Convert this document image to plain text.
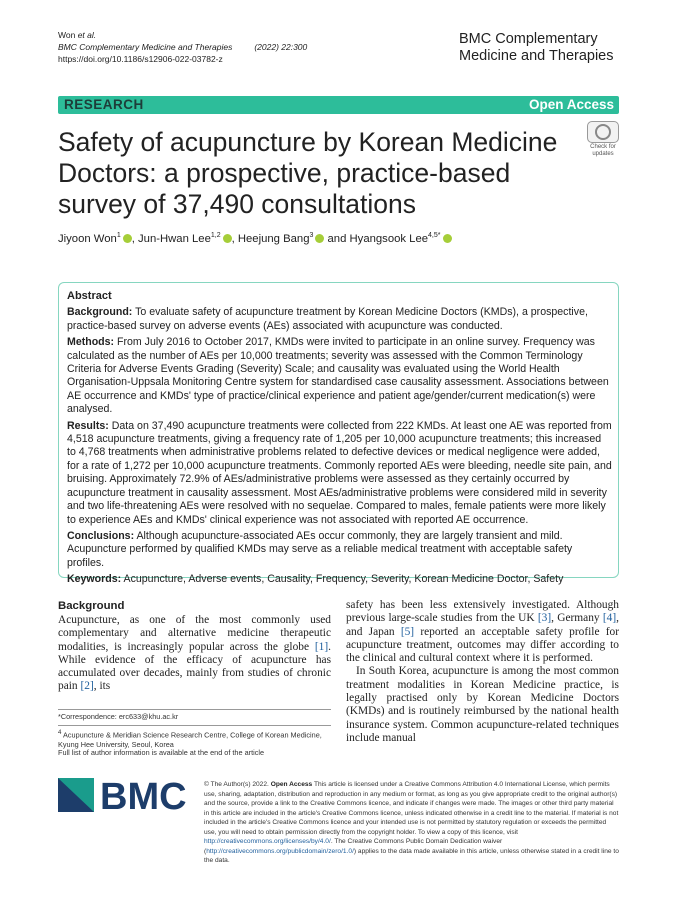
Won et al.
BMC Complementary Medicine and Therapies	(2022) 22:300
https://doi.org/10.1186/s12906-022-03782-z
BMC Complementary
Medicine and Therapies
RESEARCH	Open Access
Safety of acupuncture by Korean Medicine Doctors: a prospective, practice-based survey of 37,490 consultations
Check for
updates
Jiyoon Won$^1$ , Jun-Hwan Lee$^{1,2}$ , Heejung Bang$^3$ and Hyangsook Lee$^{4,5*}$
Abstract

Background: To evaluate safety of acupuncture treatment by Korean Medicine Doctors (KMDs), a prospective, practice-based survey on adverse events (AEs) associated with acupuncture was conducted.

Methods: From July 2016 to October 2017, KMDs were invited to participate in an online survey. Frequency was calculated as the number of AEs per 10,000 treatments; severity was assessed with the Common Terminology Criteria for Adverse Events Grading (Severity) Scale; and causality was evaluated using the World Health Organisation-Uppsala Monitoring Centre system for standardised case causality assessment. Associations between AE occurrence and KMDs' type of practice/clinical experience and patient age/gender/current medication(s) were analysed.

Results: Data on 37,490 acupuncture treatments were collected from 222 KMDs. At least one AE was reported from 4,518 acupuncture treatments, giving a frequency rate of 1,205 per 10,000 acupuncture treatments; this increased to 4,768 treatments when administrative problems related to defective devices or medical negligence were added, for a rate of 1,272 per 10,000 acupuncture treatments. Commonly reported AEs were bleeding, needle site pain, and bruising. Approximately 72.9% of AEs/administrative problems were assessed as they certainly occurred by acupuncture treatment in causality assessment. Most AEs/administrative problems were considered mild in severity and two life-threatening AEs were resolved with no sequelae. Compared to males, female patients were more likely to experience AEs and KMDs' clinical experience was not associated with reported AE occurrence.

Conclusions: Although acupuncture-associated AEs occur commonly, they are largely transient and mild. Acupuncture performed by qualified KMDs may serve as a reliable medical treatment with acceptable safety profiles.

Keywords: Acupuncture, Adverse events, Causality, Frequency, Severity, Korean Medicine Doctor, Safety

Background

Acupuncture, as one of the most commonly used complementary and alternative medicine therapeutic modalities, is increasingly popular across the globe [1]. While evidence of the efficacy of acupuncture has accumulated over decades, mainly from studies of chronic pain [2], its

safety has been less extensively investigated. Although previous large-scale studies from the UK [3], Germany [4], and Japan [5] reported an acceptable safety profile for acupuncture treatment, outcomes may differ according to the clinical and cultural context where it is performed.

In South Korea, acupuncture is among the most common treatment modalities in Korean Medicine practice, is legally practised only by Korean Medicine Doctors (KMDs) and is routinely reimbursed by the national health insurance system. Common acupuncture-related techniques include manual

*Correspondence: erc633@khu.ac.kr
$^4$ Acupuncture & Meridian Science Research Centre, College of Korean Medicine, Kyung Hee University, Seoul, Korea
Full list of author information is available at the end of the article
BMC	© The Author(s) 2022. Open Access This article is licensed under a Creative Commons Attribution 4.0 International License, which permits use, sharing, adaptation, distribution and reproduction in any medium or format, as long as you give appropriate credit to the original author(s) and the source, provide a link to the Creative Commons licence, and indicate if changes were made. The images or other third party material in this article are included in the article's Creative Commons licence, unless indicated otherwise in a credit line to the material. If material is not included in the article's Creative Commons licence and your intended use is not permitted by statutory regulation or exceeds the permitted use, you will need to obtain permission directly from the copyright holder. To view a copy of this licence, visit http://creativecommons.org/licenses/by/4.0/. The Creative Commons Public Domain Dedication waiver (http://creativecommons.org/publicdomain/zero/1.0/) applies to the data made available in this article, unless otherwise stated in a credit line to the data.
